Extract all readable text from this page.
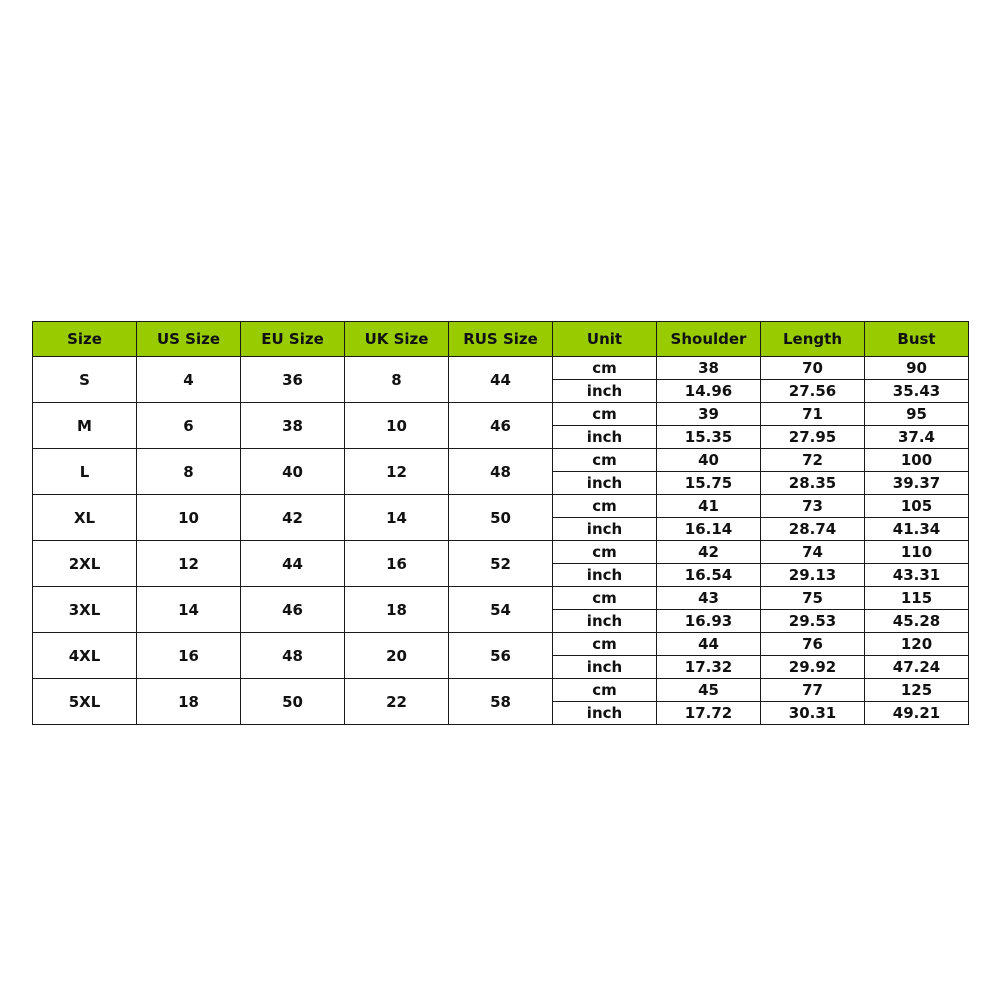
Size	US Size	EU Size	UK Size	RUS Size	Unit	Shoulder	Length	Bust
S	4	36	8	44	cm	38	70	90
					inch	14.96	27.56	35.43
M	6	38	10	46	cm	39	71	95
					inch	15.35	27.95	37.4
L	8	40	12	48	cm	40	72	100
					inch	15.75	28.35	39.37
XL	10	42	14	50	cm	41	73	105
					inch	16.14	28.74	41.34
2XL	12	44	16	52	cm	42	74	110
					inch	16.54	29.13	43.31
3XL	14	46	18	54	cm	43	75	115
					inch	16.93	29.53	45.28
4XL	16	48	20	56	cm	44	76	120
					inch	17.32	29.92	47.24
5XL	18	50	22	58	cm	45	77	125
					inch	17.72	30.31	49.21
